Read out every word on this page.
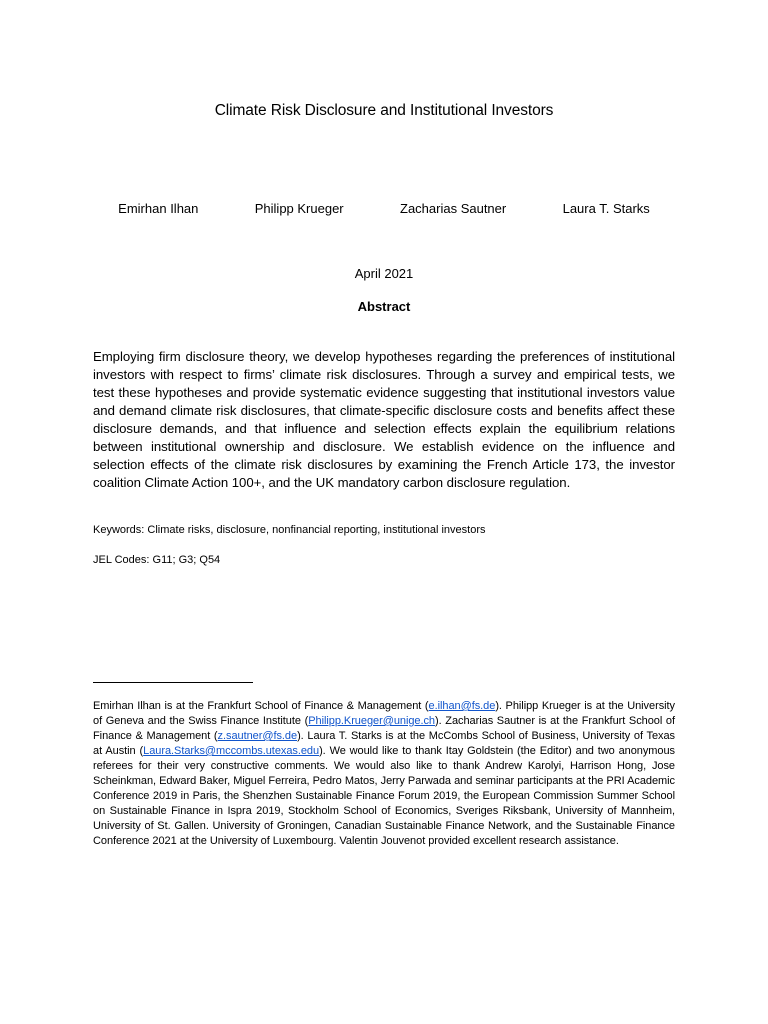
Climate Risk Disclosure and Institutional Investors
Emirhan Ilhan	Philipp Krueger	Zacharias Sautner	Laura T. Starks
April 2021
Abstract

Employing firm disclosure theory, we develop hypotheses regarding the preferences of institutional investors with respect to firms’ climate risk disclosures. Through a survey and empirical tests, we test these hypotheses and provide systematic evidence suggesting that institutional investors value and demand climate risk disclosures, that climate-specific disclosure costs and benefits affect these disclosure demands, and that influence and selection effects explain the equilibrium relations between institutional ownership and disclosure. We establish evidence on the influence and selection effects of the climate risk disclosures by examining the French Article 173, the investor coalition Climate Action 100+, and the UK mandatory carbon disclosure regulation.

Keywords: Climate risks, disclosure, nonfinancial reporting, institutional investors

JEL Codes: G11; G3; Q54

Emirhan Ilhan is at the Frankfurt School of Finance & Management (e.ilhan@fs.de). Philipp Krueger is at the University of Geneva and the Swiss Finance Institute (Philipp.Krueger@unige.ch). Zacharias Sautner is at the Frankfurt School of Finance & Management (z.sautner@fs.de). Laura T. Starks is at the McCombs School of Business, University of Texas at Austin (Laura.Starks@mccombs.utexas.edu). We would like to thank Itay Goldstein (the Editor) and two anonymous referees for their very constructive comments. We would also like to thank Andrew Karolyi, Harrison Hong, Jose Scheinkman, Edward Baker, Miguel Ferreira, Pedro Matos, Jerry Parwada and seminar participants at the PRI Academic Conference 2019 in Paris, the Shenzhen Sustainable Finance Forum 2019, the European Commission Summer School on Sustainable Finance in Ispra 2019, Stockholm School of Economics, Sveriges Riksbank, University of Mannheim, University of St. Gallen. University of Groningen, Canadian Sustainable Finance Network, and the Sustainable Finance Conference 2021 at the University of Luxembourg. Valentin Jouvenot provided excellent research assistance.
